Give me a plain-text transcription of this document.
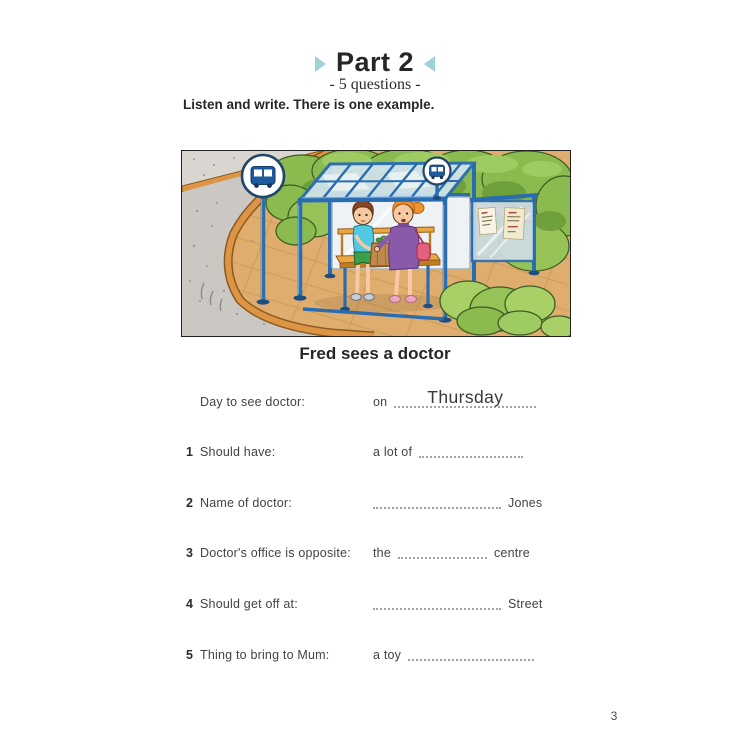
Part 2
- 5 questions -
Listen and write. There is one example.
Fred sees a doctor
Day to see doctor:	on	Thursday
1 Should have:	a lot of
2 Name of doctor:	Jones
3 Doctor's office is opposite: the	centre
4 Should get off at:	Street
5 Thing to bring to Mum:	a toy
3
